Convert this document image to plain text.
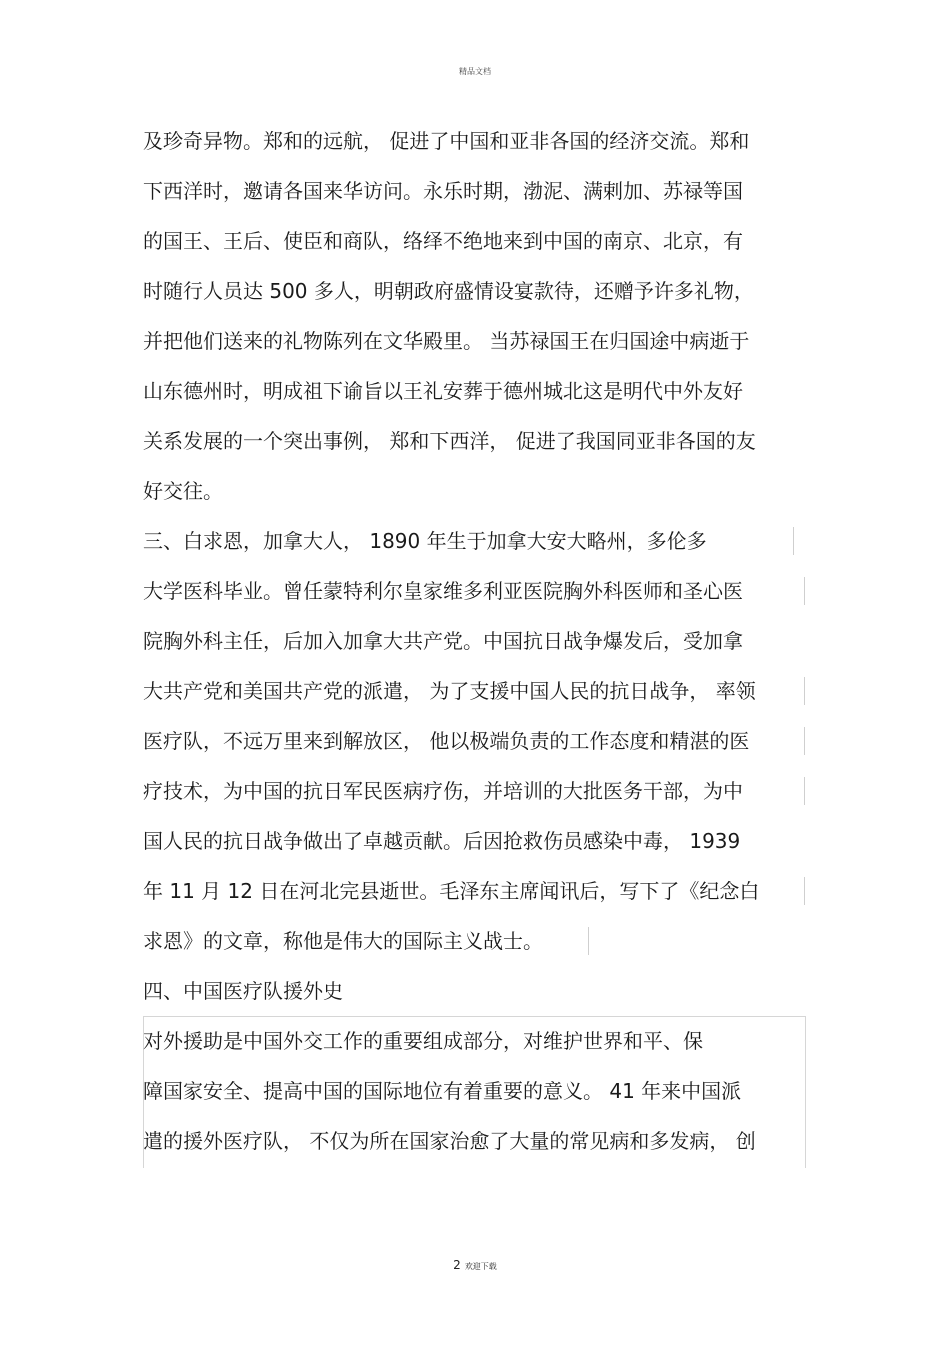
精品文档
及珍奇异物。郑和的远航， 促进了中国和亚非各国的经济交流。郑和
下西洋时，邀请各国来华访问。永乐时期，渤泥、满剌加、苏禄等国
的国王、王后、使臣和商队，络绎不绝地来到中国的南京、北京，有
时随行人员达 500 多人，明朝政府盛情设宴款待，还赠予许多礼物，
并把他们送来的礼物陈列在文华殿里。 当苏禄国王在归国途中病逝于
山东德州时，明成祖下谕旨以王礼安葬于德州城北这是明代中外友好
关系发展的一个突出事例， 郑和下西洋， 促进了我国同亚非各国的友
好交往。
三、白求恩，加拿大人， 1890 年生于加拿大安大略州，多伦多
大学医科毕业。曾任蒙特利尔皇家维多利亚医院胸外科医师和圣心医
院胸外科主任，后加入加拿大共产党。中国抗日战争爆发后，受加拿
大共产党和美国共产党的派遣， 为了支援中国人民的抗日战争， 率领
医疗队，不远万里来到解放区， 他以极端负责的工作态度和精湛的医
疗技术，为中国的抗日军民医病疗伤，并培训的大批医务干部，为中
国人民的抗日战争做出了卓越贡献。后因抢救伤员感染中毒， 1939
年 11 月 12 日在河北完县逝世。毛泽东主席闻讯后，写下了《纪念白
求恩》的文章，称他是伟大的国际主义战士。
四、中国医疗队援外史
对外援助是中国外交工作的重要组成部分，对维护世界和平、保
障国家安全、提高中国的国际地位有着重要的意义。 41 年来中国派
遣的援外医疗队， 不仅为所在国家治愈了大量的常见病和多发病， 创
2 欢迎下载
